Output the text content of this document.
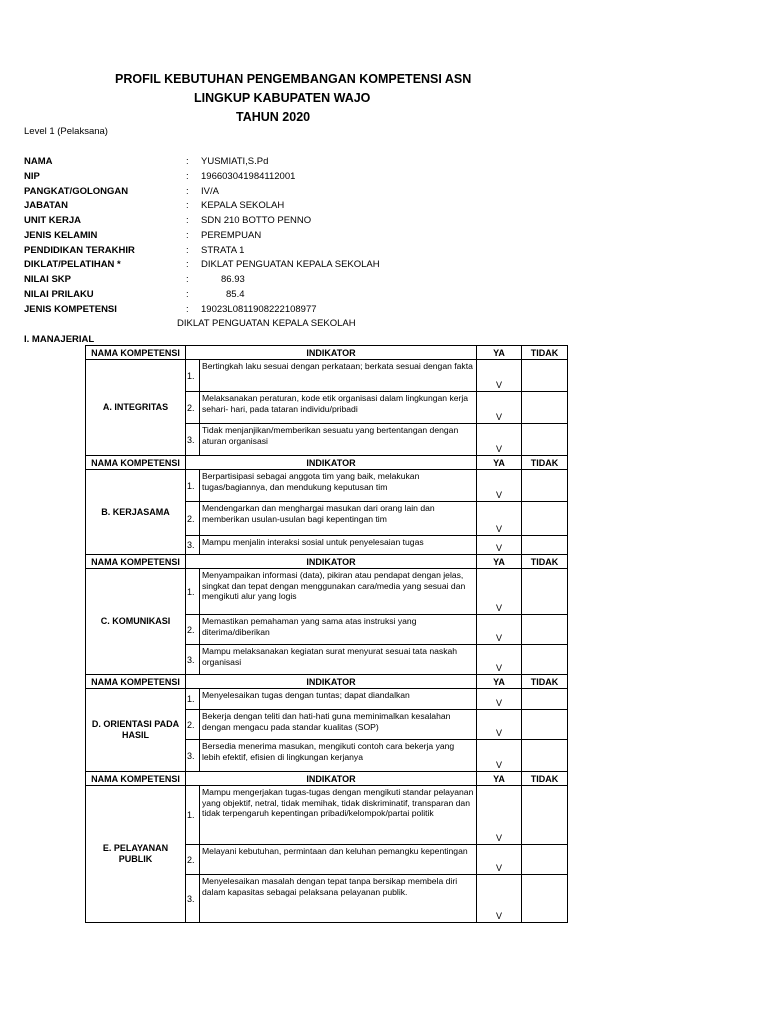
PROFIL KEBUTUHAN PENGEMBANGAN KOMPETENSI ASN
LINGKUP KABUPATEN WAJO
TAHUN 2020
Level 1 (Pelaksana)
NAMA	: YUSMIATI,S.Pd
NIP	: 196603041984112001
PANGKAT/GOLONGAN	: IV/A
JABATAN	: KEPALA SEKOLAH
UNIT KERJA	: SDN 210 BOTTO PENNO
JENIS KELAMIN	: PEREMPUAN
PENDIDIKAN TERAKHIR	: STRATA 1
DIKLAT/PELATIHAN *	: DIKLAT PENGUATAN KEPALA SEKOLAH
NILAI SKP	:	86.93
NILAI PRILAKU	:	85.4
JENIS KOMPETENSI	: 19023L0811908222108977
DIKLAT PENGUATAN KEPALA SEKOLAH
I. MANAJERIAL
NAMA KOMPETENSI	INDIKATOR		YA	TIDAK
A. INTEGRITAS	1.	Bertingkah laku sesuai dengan perkataan; berkata sesuai dengan fakta	V	
	2.	Melaksanakan peraturan, kode etik organisasi dalam lingkungan kerja sehari- hari, pada tataran individu/pribadi	V	
	3.	Tidak menjanjikan/memberikan sesuatu yang bertentangan dengan aturan organisasi	V	
NAMA KOMPETENSI	INDIKATOR		YA	TIDAK
B. KERJASAMA	1.	Berpartisipasi sebagai anggota tim yang baik, melakukan tugas/bagiannya, dan mendukung keputusan tim	V	
	2.	Mendengarkan dan menghargai masukan dari orang lain dan memberikan usulan-usulan bagi kepentingan tim	V	
	3.	Mampu menjalin interaksi sosial untuk penyelesaian tugas	V	
NAMA KOMPETENSI	INDIKATOR		YA	TIDAK
C. KOMUNIKASI	1.	Menyampaikan informasi (data), pikiran atau pendapat dengan jelas, singkat dan tepat dengan menggunakan cara/media yang sesuai dan mengikuti alur yang logis	V	
	2.	Memastikan pemahaman yang sama atas instruksi yang diterima/diberikan	V	
	3.	Mampu melaksanakan kegiatan surat menyurat sesuai tata naskah organisasi	V	
NAMA KOMPETENSI	INDIKATOR		YA	TIDAK
D. ORIENTASI PADA HASIL	1.	Menyelesaikan tugas dengan tuntas; dapat diandalkan	V	
	2.	Bekerja dengan teliti dan hati-hati guna meminimalkan kesalahan dengan mengacu pada standar kualitas (SOP)	V	
	3.	Bersedia menerima masukan, mengikuti contoh cara bekerja yang lebih efektif, efisien di lingkungan kerjanya	V	
NAMA KOMPETENSI	INDIKATOR		YA	TIDAK
E. PELAYANAN PUBLIK	1.	Mampu mengerjakan tugas-tugas dengan mengikuti standar pelayanan yang objektif, netral, tidak memihak, tidak diskriminatif, transparan dan tidak terpengaruh kepentingan pribadi/kelompok/partai politik	V	
	2.	Melayani kebutuhan, permintaan dan keluhan pemangku kepentingan	V	
	3.	Menyelesaikan masalah dengan tepat tanpa bersikap membela diri dalam kapasitas sebagai pelaksana pelayanan publik.	V	
